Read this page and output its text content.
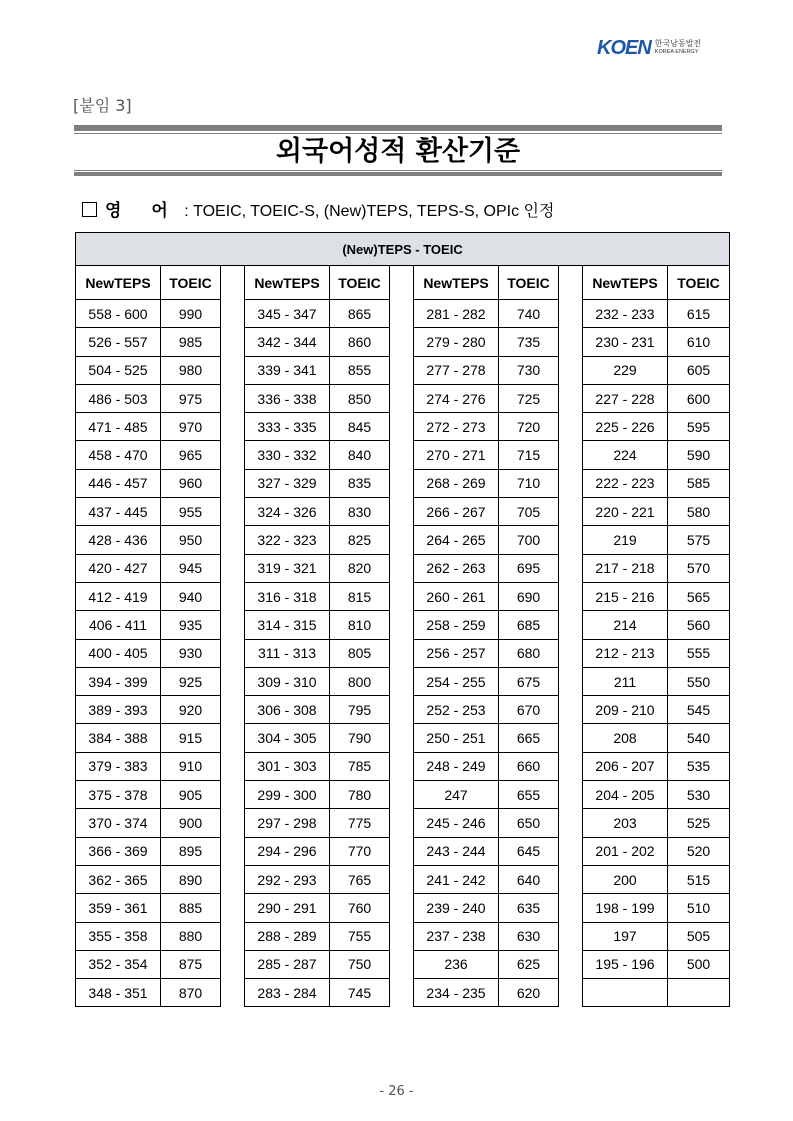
KOEN 한국남동발전
KOREA ENERGY
[붙임 3]
외국어성적 환산기준
영 어 : TOEIC, TOEIC-S, (New)TEPS, TEPS-S, OPIc 인정
(New)TEPS - TOEIC										
NewTEPS	TOEIC		NewTEPS	TOEIC		NewTEPS	TOEIC		NewTEPS	TOEIC
558 - 600	990		345 - 347	865		281 - 282	740		232 - 233	615
526 - 557	985		342 - 344	860		279 - 280	735		230 - 231	610
504 - 525	980		339 - 341	855		277 - 278	730		229	605
486 - 503	975		336 - 338	850		274 - 276	725		227 - 228	600
471 - 485	970		333 - 335	845		272 - 273	720		225 - 226	595
458 - 470	965		330 - 332	840		270 - 271	715		224	590
446 - 457	960		327 - 329	835		268 - 269	710		222 - 223	585
437 - 445	955		324 - 326	830		266 - 267	705		220 - 221	580
428 - 436	950		322 - 323	825		264 - 265	700		219	575
420 - 427	945		319 - 321	820		262 - 263	695		217 - 218	570
412 - 419	940		316 - 318	815		260 - 261	690		215 - 216	565
406 - 411	935		314 - 315	810		258 - 259	685		214	560
400 - 405	930		311 - 313	805		256 - 257	680		212 - 213	555
394 - 399	925		309 - 310	800		254 - 255	675		211	550
389 - 393	920		306 - 308	795		252 - 253	670		209 - 210	545
384 - 388	915		304 - 305	790		250 - 251	665		208	540
379 - 383	910		301 - 303	785		248 - 249	660		206 - 207	535
375 - 378	905		299 - 300	780		247	655		204 - 205	530
370 - 374	900		297 - 298	775		245 - 246	650		203	525
366 - 369	895		294 - 296	770		243 - 244	645		201 - 202	520
362 - 365	890		292 - 293	765		241 - 242	640		200	515
359 - 361	885		290 - 291	760		239 - 240	635		198 - 199	510
355 - 358	880		288 - 289	755		237 - 238	630		197	505
352 - 354	875		285 - 287	750		236	625		195 - 196	500
348 - 351	870		283 - 284	745		234 - 235	620			
- 26 -
